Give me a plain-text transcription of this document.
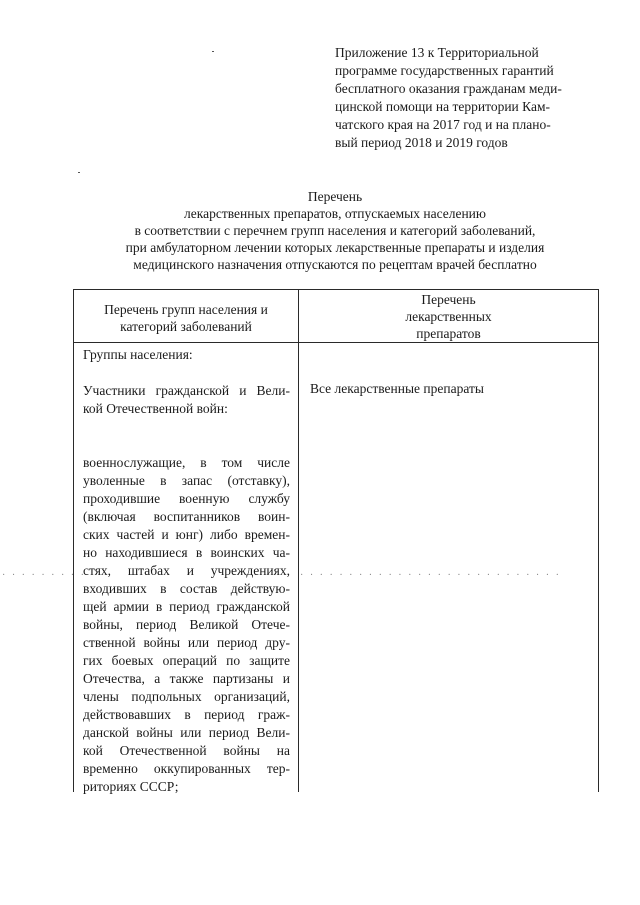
Приложение 13 к Территориальной
программе государственных гарантий
бесплатного оказания гражданам меди-
цинской помощи на территории Кам-
чатского края на 2017 год и на плано-
вый период 2018 и 2019 годов
Перечень
лекарственных препаратов, отпускаемых населению
в соответствии с перечнем групп населения и категорий заболеваний,
при амбулаторном лечении которых лекарственные препараты и изделия
медицинского назначения отпускаются по рецептам врачей бесплатно
Перечень групп населения и
категорий заболеваний
Перечень
лекарственных
препаратов
Группы населения:
Участники гражданской и Вели-
кой Отечественной войн:
военнослужащие, в том числе
уволенные в запас (отставку),
проходившие военную службу
(включая воспитанников воин-
ских частей и юнг) либо времен-
но находившиеся в воинских ча-
стях, штабах и учреждениях,
входивших в состав действую-
щей армии в период гражданской
войны, период Великой Отече-
ственной войны или период дру-
гих боевых операций по защите
Отечества, а также партизаны и
члены подпольных организаций,
действовавших в период граж-
данской войны или период Вели-
кой Отечественной войны на
временно оккупированных тер-
риториях СССР;
Все лекарственные препараты
· · · · · · · · ·	· · · · · · · · · · · · · · · · · · · · · · · · · · ·
